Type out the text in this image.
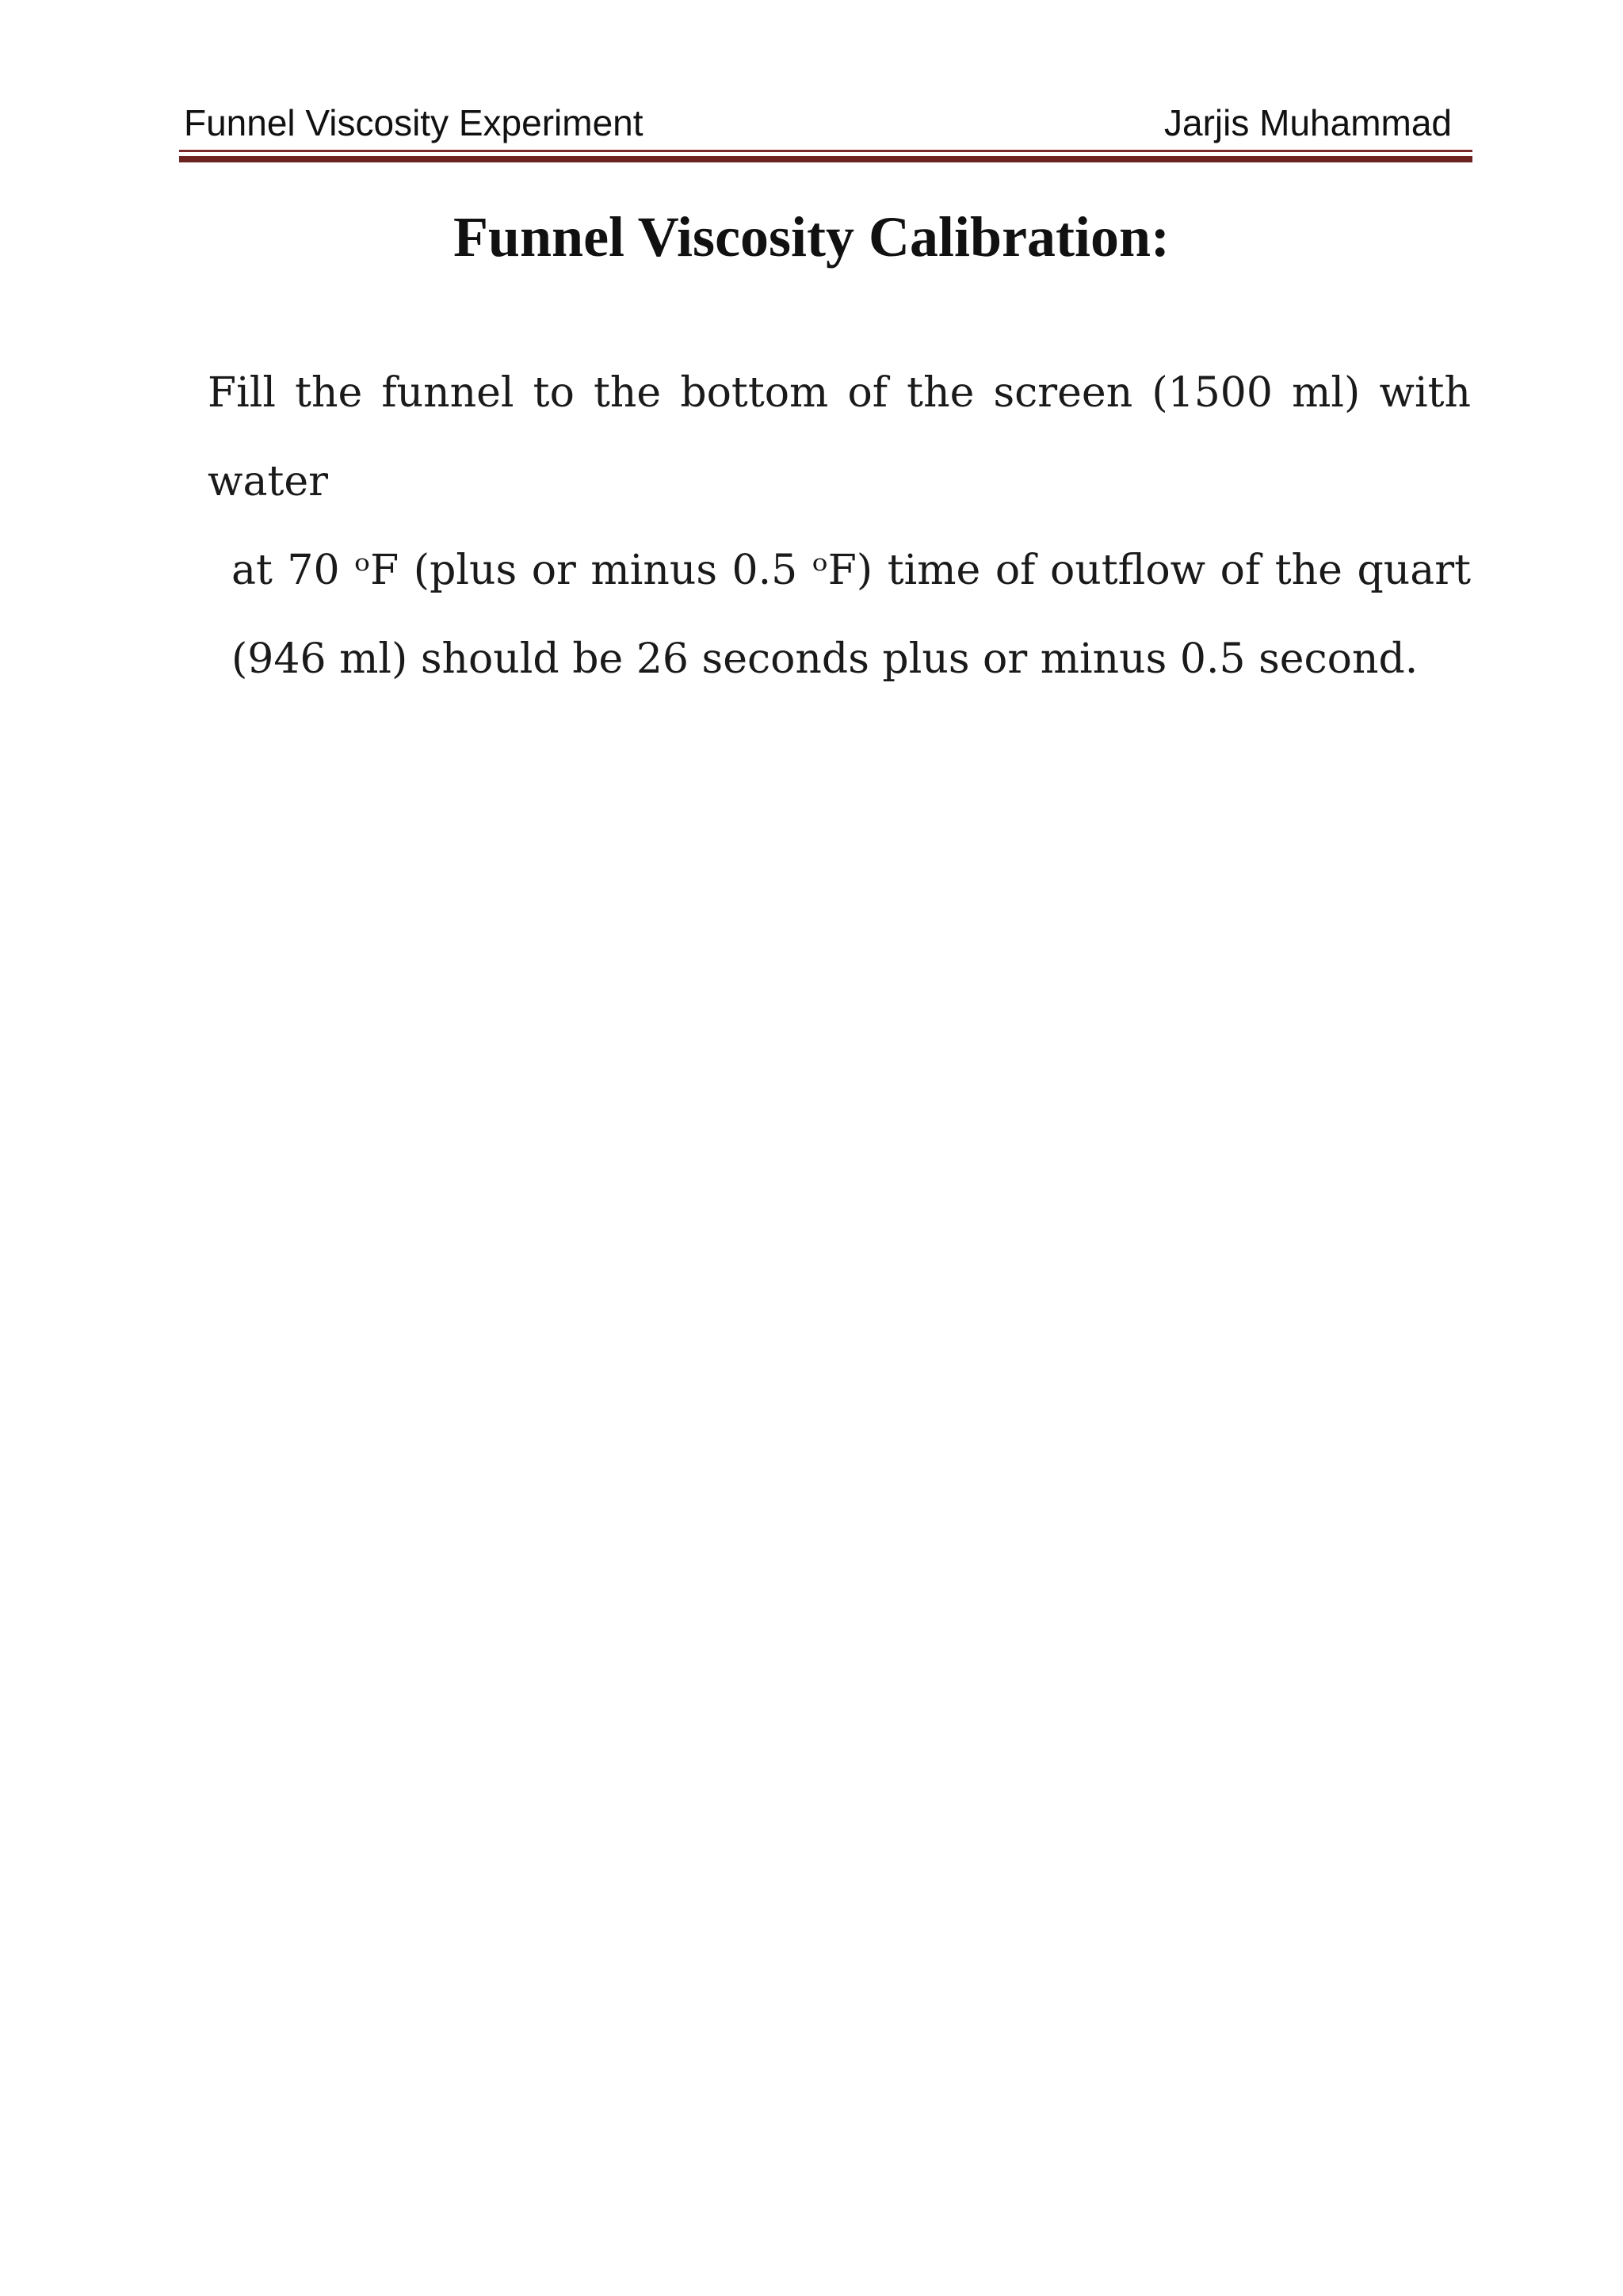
Funnel Viscosity Experiment	Jarjis Muhammad
Funnel Viscosity Calibration:
Fill the funnel to the bottom of the screen (1500 ml) with water
at 70 ᵒF (plus or minus 0.5 ᵒF) time of outflow of the quart
(946 ml) should be 26 seconds plus or minus 0.5 second.
